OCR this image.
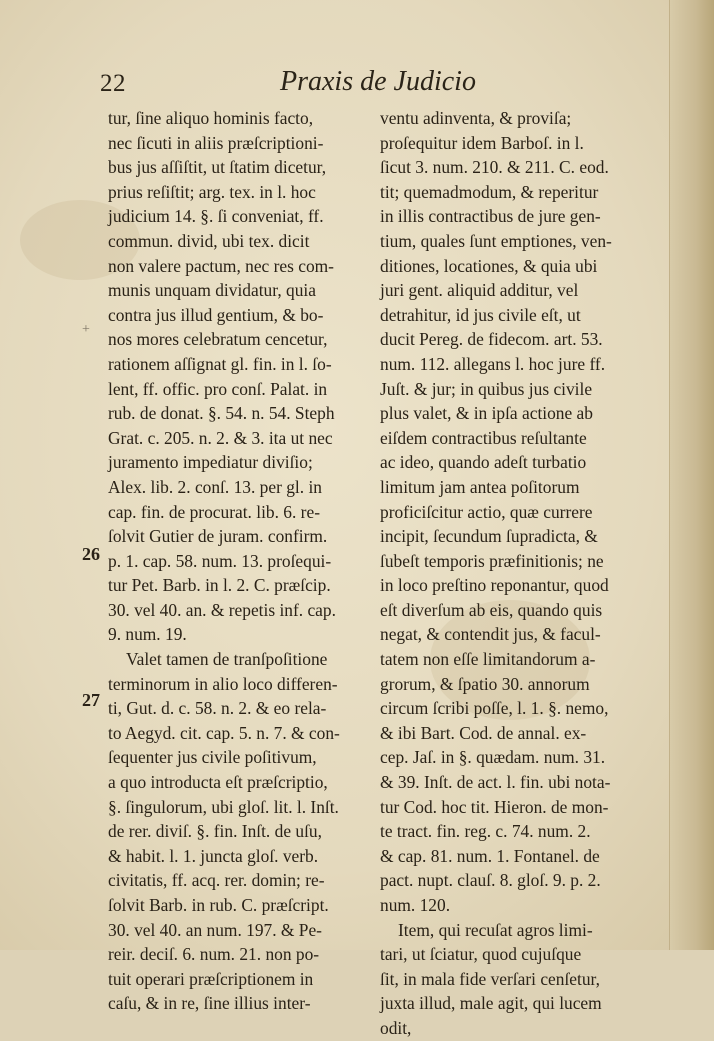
22	Praxis de Judicio
+
26
27
tur, ſine aliquo hominis facto,
nec ſicuti in aliis præſcriptioni-
bus jus aſſiſtit, ut ſtatim dicetur,
prius reſiſtit; arg. tex. in l. hoc
judicium 14. §. ſi conveniat, ff.
commun. divid, ubi tex. dicit
non valere pactum, nec res com-
munis unquam dividatur, quia
contra jus illud gentium, & bo-
nos mores celebratum cencetur,
rationem aſſignat gl. fin. in l. ſo-
lent, ff. offic. pro conſ. Palat. in
rub. de donat. §. 54. n. 54. Steph
Grat. c. 205. n. 2. & 3. ita ut nec
juramento impediatur diviſio;
Alex. lib. 2. conſ. 13. per gl. in
cap. fin. de procurat. lib. 6. re-
ſolvit Gutier de juram. confirm.
p. 1. cap. 58. num. 13. proſequi-
tur Pet. Barb. in l. 2. C. præſcip.
30. vel 40. an. & repetis inf. cap.
9. num. 19.
Valet tamen de tranſpoſitione
terminorum in alio loco differen-
ti, Gut. d. c. 58. n. 2. & eo rela-
to Aegyd. cit. cap. 5. n. 7. & con-
ſequenter jus civile poſitivum,
a quo introducta eſt præſcriptio,
§. ſingulorum, ubi gloſ. lit. l. Inſt.
de rer. diviſ. §. fin. Inſt. de uſu,
& habit. l. 1. juncta gloſ. verb.
civitatis, ff. acq. rer. domin; re-
ſolvit Barb. in rub. C. præſcript.
30. vel 40. an num. 197. & Pe-
reir. deciſ. 6. num. 21. non po-
tuit operari præſcriptionem in
caſu, & in re, ſine illius inter-
ventu adinventa, & proviſa;
proſequitur idem Barboſ. in l.
ſicut 3. num. 210. & 211. C. eod.
tit; quemadmodum, & reperitur
in illis contractibus de jure gen-
tium, quales ſunt emptiones, ven-
ditiones, locationes, & quia ubi
juri gent. aliquid additur, vel
detrahitur, id jus civile eſt, ut
ducit Pereg. de fidecom. art. 53.
num. 112. allegans l. hoc jure ff.
Juſt. & jur; in quibus jus civile
plus valet, & in ipſa actione ab
eiſdem contractibus reſultante
ac ideo, quando adeſt turbatio
limitum jam antea poſitorum
proficiſcitur actio, quæ currere
incipit, ſecundum ſupradicta, &
ſubeſt temporis præfinitionis; ne
in loco preſtino reponantur, quod
eſt diverſum ab eis, quando quis
negat, & contendit jus, & facul-
tatem non eſſe limitandorum a-
grorum, & ſpatio 30. annorum
circum ſcribi poſſe, l. 1. §. nemo,
& ibi Bart. Cod. de annal. ex-
cep. Jaſ. in §. quædam. num. 31.
& 39. Inſt. de act. l. fin. ubi nota-
tur Cod. hoc tit. Hieron. de mon-
te tract. fin. reg. c. 74. num. 2.
& cap. 81. num. 1. Fontanel. de
pact. nupt. clauſ. 8. gloſ. 9. p. 2.
num. 120.
Item, qui recuſat agros limi-
tari, ut ſciatur, quod cujuſque
ſit, in mala fide verſari cenſetur,
juxta illud, male agit, qui lucem
odit,
